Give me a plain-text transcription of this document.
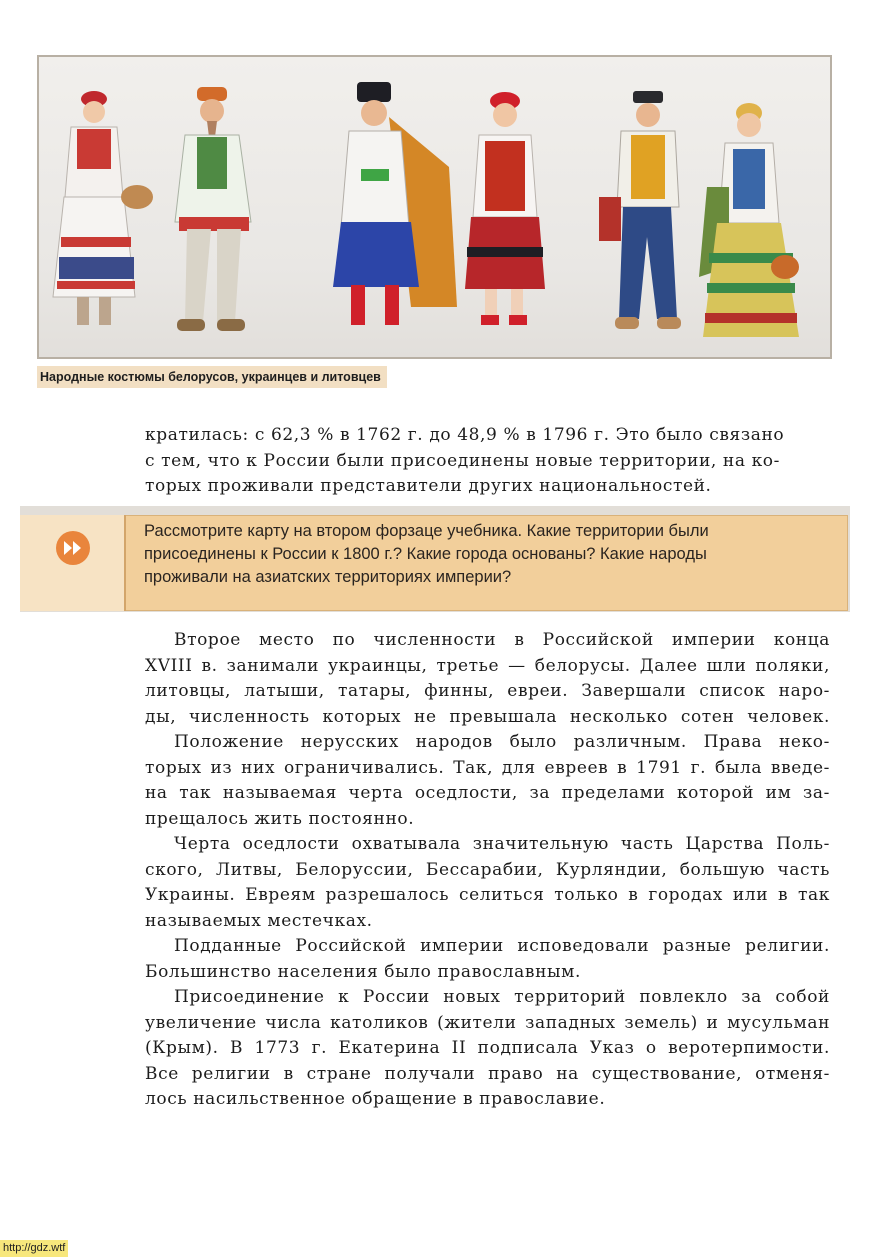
Народные костюмы белорусов, украинцев и литовцев

кратилась: с 62,3 % в 1762 г. до 48,9 % в 1796 г. Это было связано
с тем, что к России были присоединены новые территории, на ко-
торых проживали представители других национальностей.

Рассмотрите карту на втором форзаце учебника. Какие территории были
присоединены к России к 1800 г.? Какие города основаны? Какие народы
проживали на азиатских территориях империи?

Второе место по численности в Российской империи конца
XVIII в. занимали украинцы, третье — белорусы. Далее шли поляки,
литовцы, латыши, татары, финны, евреи. Завершали список наро-
ды, численность которых не превышала несколько сотен человек.

Положение нерусских народов было различным. Права неко-
торых из них ограничивались. Так, для евреев в 1791 г. была введе-
на так называемая черта оседлости, за пределами которой им за-
прещалось жить постоянно.

Черта оседлости охватывала значительную часть Царства Поль-
ского, Литвы, Белоруссии, Бессарабии, Курляндии, большую часть
Украины. Евреям разрешалось селиться только в городах или в так
называемых местечках.

Подданные Российской империи исповедовали разные религии.
Большинство населения было православным.

Присоединение к России новых территорий повлекло за собой
увеличение числа католиков (жители западных земель) и мусульман
(Крым). В 1773 г. Екатерина II подписала Указ о веротерпимости.
Все религии в стране получали право на существование, отменя-
лось насильственное обращение в православие.

http://gdz.wtf
